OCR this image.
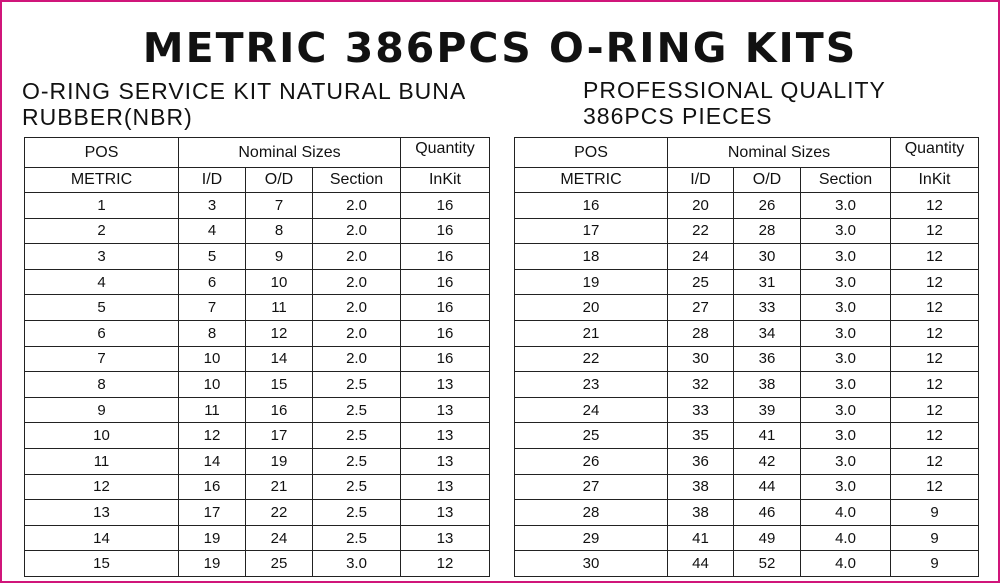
METRIC 386PCS O-RING KITS
O-RING SERVICE KIT NATURAL BUNA
RUBBER(NBR)
PROFESSIONAL QUALITY
386PCS PIECES
POS	Nominal Sizes			Quantity
METRIC	I/D	O/D	Section	InKit
1	3	7	2.0	16
2	4	8	2.0	16
3	5	9	2.0	16
4	6	10	2.0	16
5	7	11	2.0	16
6	8	12	2.0	16
7	10	14	2.0	16
8	10	15	2.5	13
9	11	16	2.5	13
10	12	17	2.5	13
11	14	19	2.5	13
12	16	21	2.5	13
13	17	22	2.5	13
14	19	24	2.5	13
15	19	25	3.0	12
POS	Nominal Sizes			Quantity
METRIC	I/D	O/D	Section	InKit
16	20	26	3.0	12
17	22	28	3.0	12
18	24	30	3.0	12
19	25	31	3.0	12
20	27	33	3.0	12
21	28	34	3.0	12
22	30	36	3.0	12
23	32	38	3.0	12
24	33	39	3.0	12
25	35	41	3.0	12
26	36	42	3.0	12
27	38	44	3.0	12
28	38	46	4.0	9
29	41	49	4.0	9
30	44	52	4.0	9
